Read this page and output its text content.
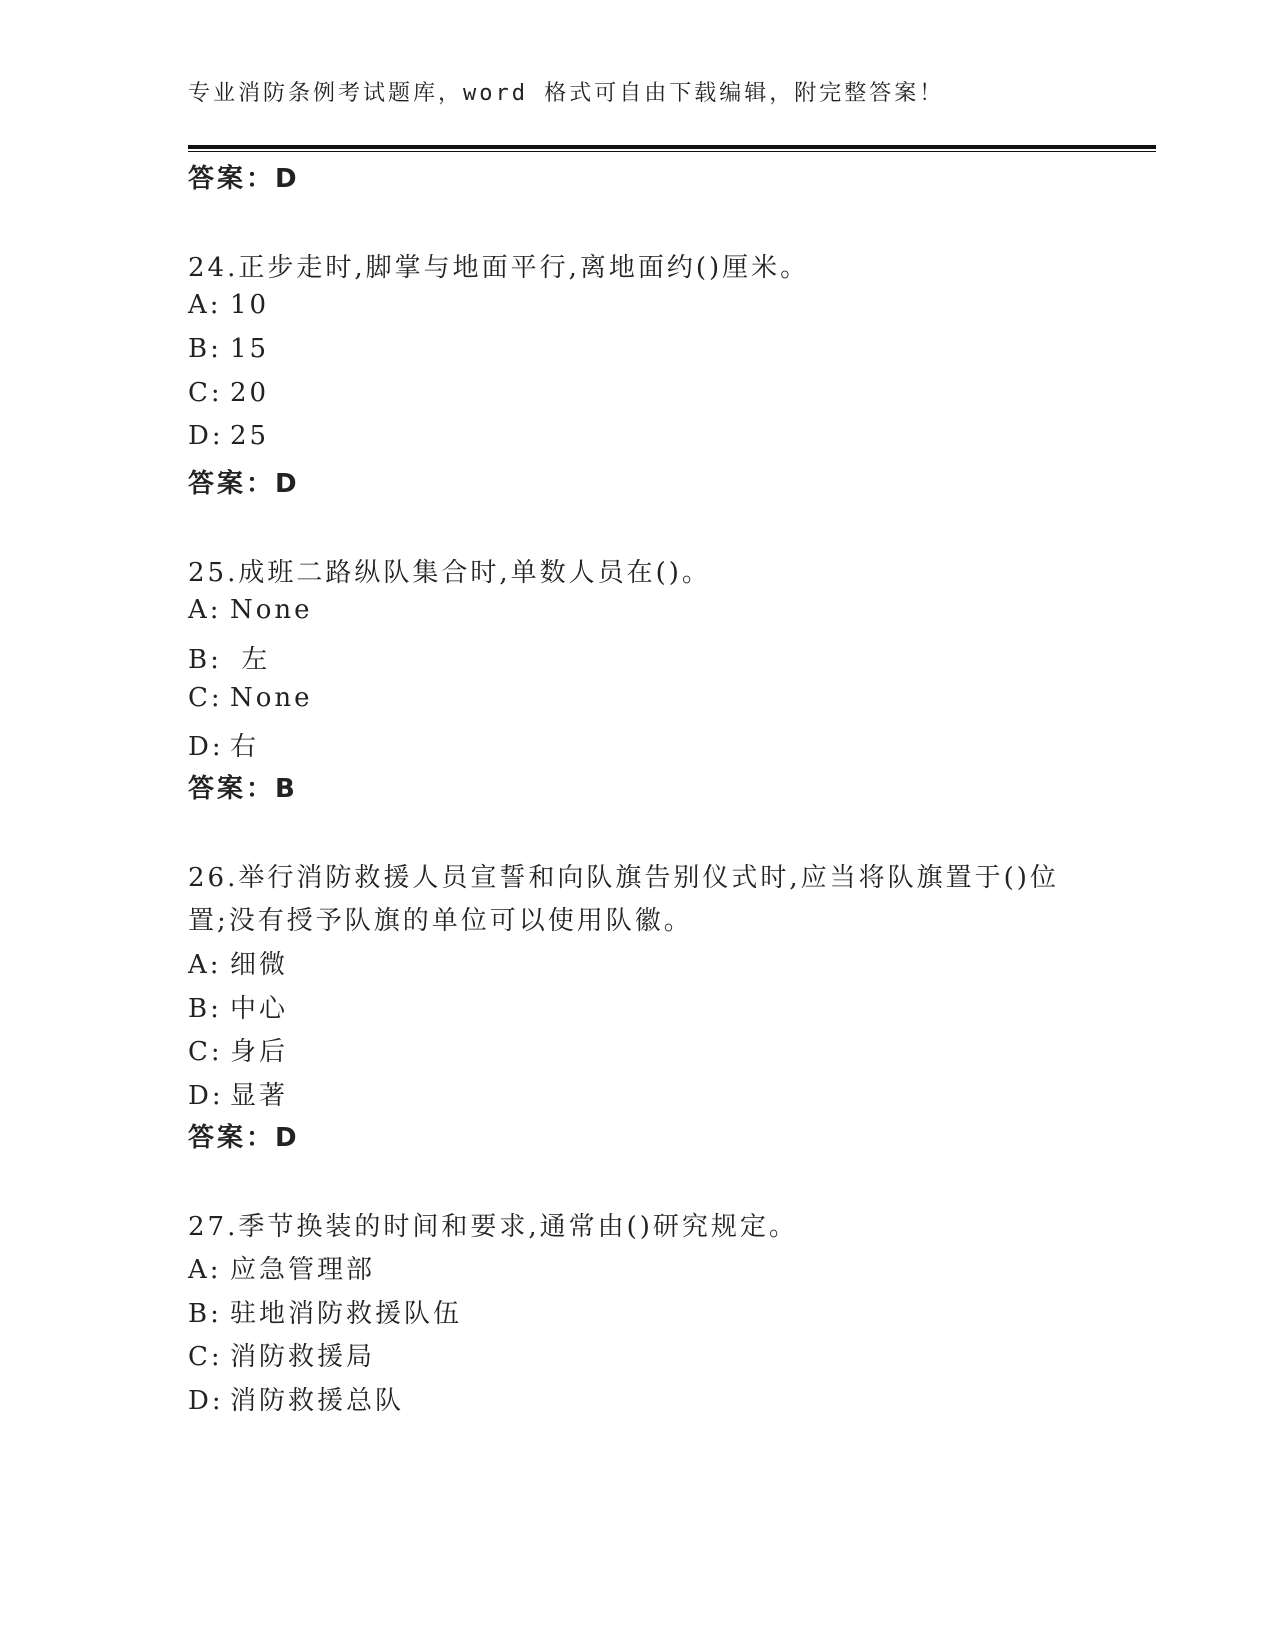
专业消防条例考试题库，word 格式可自由下载编辑，附完整答案！
答案：D
24.正步走时,脚掌与地面平行,离地面约()厘米。
A: 10
B: 15
C: 20
D: 25
答案：D
25.成班二路纵队集合时,单数人员在()。
A: None
B: 左
C: None
D: 右
答案：B
26.举行消防救援人员宣誓和向队旗告别仪式时,应当将队旗置于()位
置;没有授予队旗的单位可以使用队徽。
A: 细微
B: 中心
C: 身后
D: 显著
答案：D
27.季节换装的时间和要求,通常由()研究规定。
A: 应急管理部
B: 驻地消防救援队伍
C: 消防救援局
D: 消防救援总队
